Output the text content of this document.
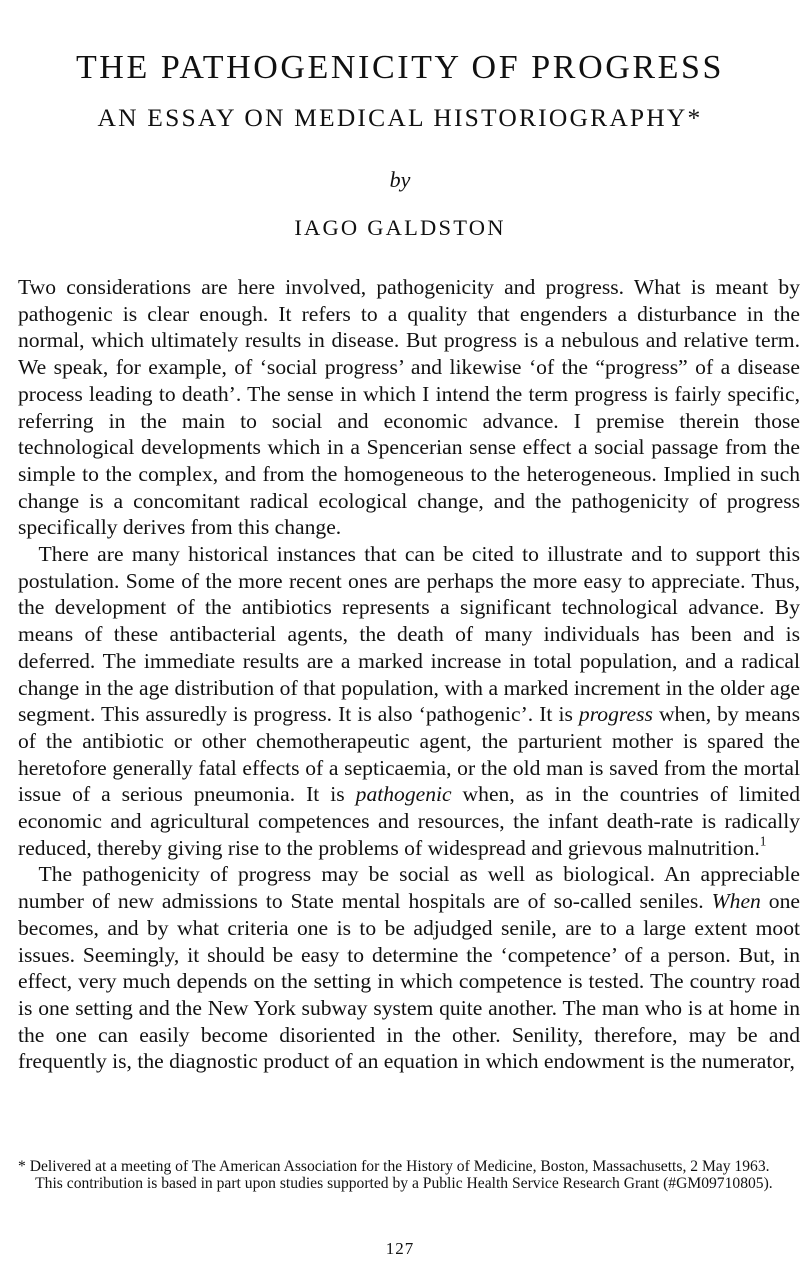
THE PATHOGENICITY OF PROGRESS
AN ESSAY ON MEDICAL HISTORIOGRAPHY*
by
IAGO GALDSTON

Two considerations are here involved, pathogenicity and progress. What is meant by pathogenic is clear enough. It refers to a quality that engenders a disturbance in the normal, which ultimately results in disease. But progress is a nebulous and relative term. We speak, for example, of ‘social progress’ and likewise ‘of the “progress” of a disease process leading to death’. The sense in which I intend the term progress is fairly specific, referring in the main to social and economic advance. I premise therein those technological developments which in a Spencerian sense effect a social passage from the simple to the complex, and from the homogeneous to the heterogeneous. Implied in such change is a concomitant radical ecological change, and the pathogenicity of progress specifically derives from this change.

There are many historical instances that can be cited to illustrate and to support this postulation. Some of the more recent ones are perhaps the more easy to appreciate. Thus, the development of the antibiotics represents a significant technological advance. By means of these antibacterial agents, the death of many individuals has been and is deferred. The immediate results are a marked increase in total population, and a radical change in the age distribution of that population, with a marked increment in the older age segment. This assuredly is progress. It is also ‘pathogenic’. It is progress when, by means of the antibiotic or other chemotherapeutic agent, the parturient mother is spared the heretofore generally fatal effects of a septicaemia, or the old man is saved from the mortal issue of a serious pneumonia. It is pathogenic when, as in the countries of limited economic and agricultural competences and resources, the infant death-rate is radically reduced, thereby giving rise to the problems of widespread and grievous malnutrition.$^1$

The pathogenicity of progress may be social as well as biological. An appreciable number of new admissions to State mental hospitals are of so-called seniles. When one becomes, and by what criteria one is to be adjudged senile, are to a large extent moot issues. Seemingly, it should be easy to determine the ‘competence’ of a person. But, in effect, very much depends on the setting in which competence is tested. The country road is one setting and the New York subway system quite another. The man who is at home in the one can easily become disoriented in the other. Senility, therefore, may be and frequently is, the diagnostic product of an equation in which endowment is the numerator,

* Delivered at a meeting of The American Association for the History of Medicine, Boston, Massachusetts, 2 May 1963.

This contribution is based in part upon studies supported by a Public Health Service Research Grant (#GM09710805).

127
